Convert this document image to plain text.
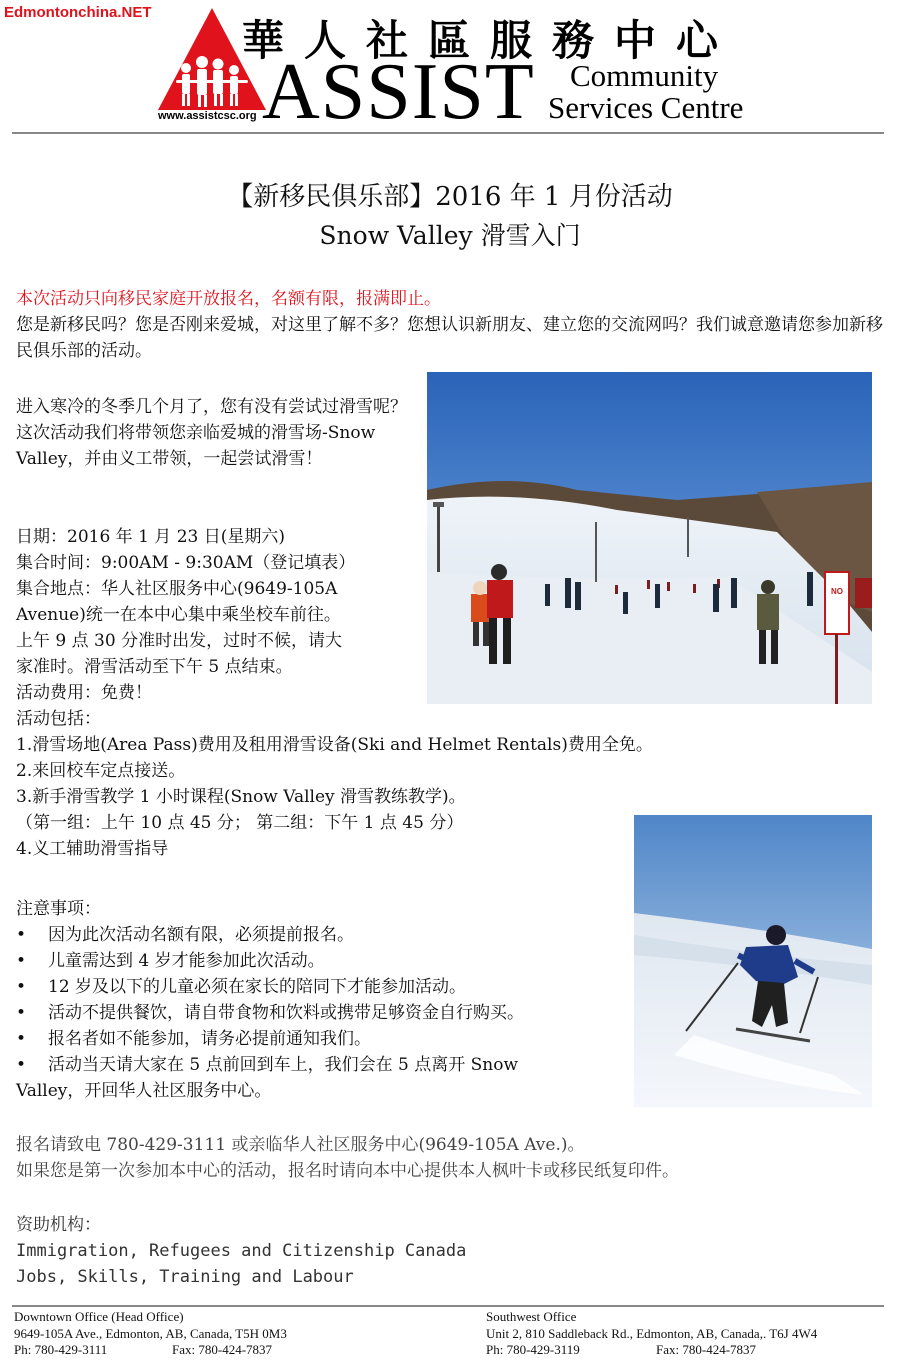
Edmontonchina.NET
華人社區服務中心
ASSIST	Community
Services Centre
www.assistcsc.org
【新移民俱乐部】2016 年 1 月份活动
Snow Valley 滑雪入门
本次活动只向移民家庭开放报名，名额有限，报满即止。
您是新移民吗？您是否刚来爱城，对这里了解不多？您想认识新朋友、建立您的交流网吗？我们诚意邀请您参加新移民俱乐部的活动。
进入寒冷的冬季几个月了，您有没有尝试过滑雪呢？这次活动我们将带领您亲临爱城的滑雪场-Snow Valley，并由义工带领，一起尝试滑雪！
NO
日期：2016 年 1 月 23 日(星期六)
集合时间：9:00AM - 9:30AM（登记填表）
集合地点：华人社区服务中心(9649-105A
Avenue)统一在本中心集中乘坐校车前往。
上午 9 点 30 分准时出发，过时不候，请大
家准时。滑雪活动至下午 5 点结束。
活动费用：免费！
活动包括：
1.滑雪场地(Area Pass)费用及租用滑雪设备(Ski and Helmet Rentals)费用全免。
2.来回校车定点接送。
3.新手滑雪教学 1 小时课程(Snow Valley 滑雪教练教学)。
（第一组：上午 10 点 45 分； 第二组：下午 1 点 45 分）
4.义工辅助滑雪指导
注意事项：
•	因为此次活动名额有限，必须提前报名。
•	儿童需达到 4 岁才能参加此次活动。
•	12 岁及以下的儿童必须在家长的陪同下才能参加活动。
•	活动不提供餐饮，请自带食物和饮料或携带足够资金自行购买。
•	报名者如不能参加，请务必提前通知我们。
•	活动当天请大家在 5 点前回到车上，我们会在 5 点离开 Snow
Valley，开回华人社区服务中心。
报名请致电 780-429-3111 或亲临华人社区服务中心(9649-105A Ave.)。
如果您是第一次参加本中心的活动，报名时请向本中心提供本人枫叶卡或移民纸复印件。
资助机构：
Immigration, Refugees and Citizenship Canada
Jobs, Skills, Training and Labour
Downtown Office (Head Office)
9649-105A Ave., Edmonton, AB, Canada, T5H 0M3
Ph: 780-429-3111	Fax: 780-424-7837
Southwest Office
Unit 2, 810 Saddleback Rd., Edmonton, AB, Canada,. T6J 4W4
Ph: 780-429-3119	Fax: 780-424-7837
